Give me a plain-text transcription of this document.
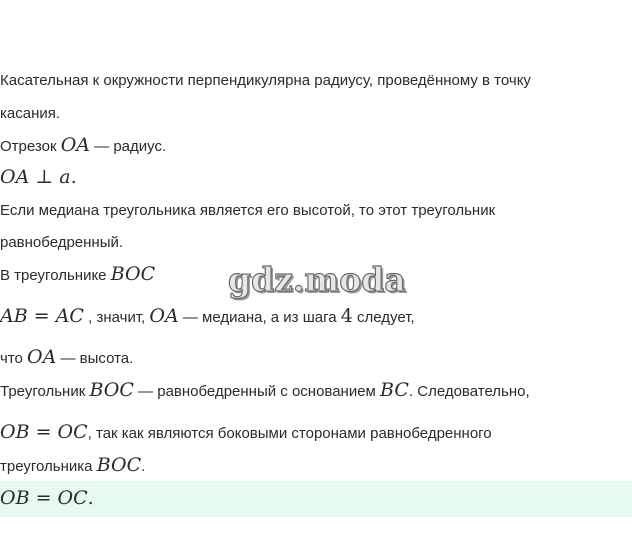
Касательная к окружности перпендикулярна радиусу, проведённому в точку
касания.
Отрезок OA — радиус.
OA ⊥ a.
Если медиана треугольника является его высотой, то этот треугольник
равнобедренный.
В треугольнике BOC
AB = AC , значит, OA — медиана, а из шага 4 следует,
что OA — высота.
Треугольник BOC — равнобедренный с основанием BC. Следовательно,
OB = OC, так как являются боковыми сторонами равнобедренного
треугольника BOC.
OB = OC.
gdz.moda
